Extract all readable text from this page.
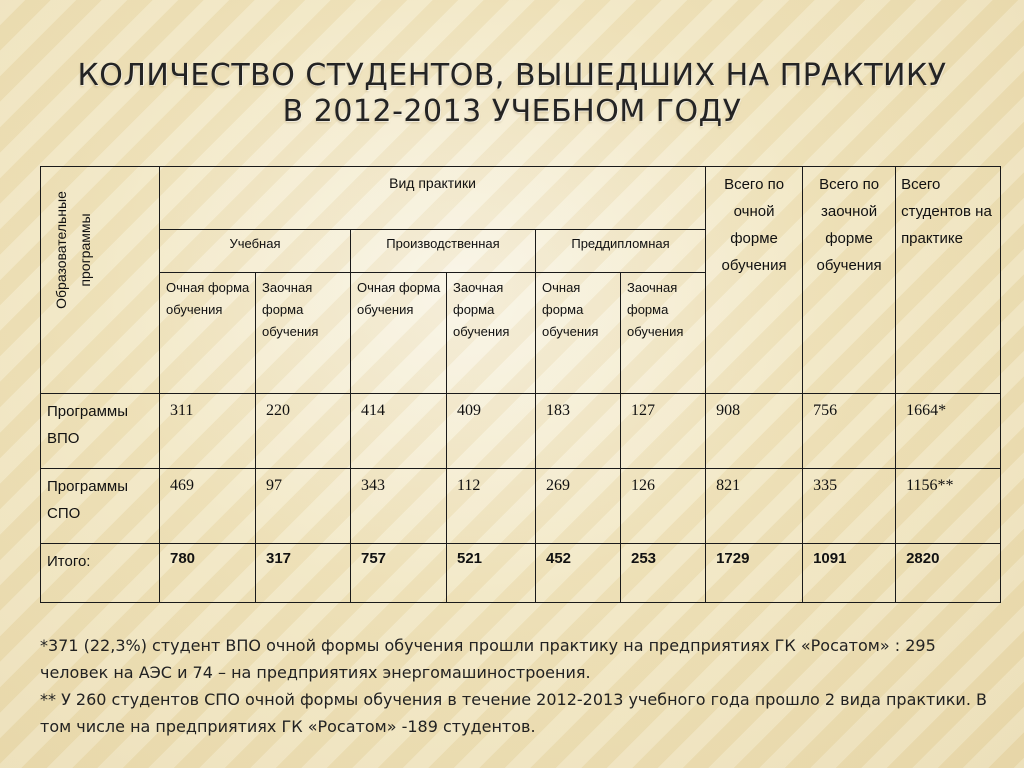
КОЛИЧЕСТВО СТУДЕНТОВ, ВЫШЕДШИХ НА ПРАКТИКУ
В 2012-2013 УЧЕБНОМ ГОДУ
Образовательные программы	Вид практики						Всего по очной форме обучения	Всего по заочной форме обучения	Всего студентов на практике
	Учебная		Производственная		Преддипломная				
	Очная форма обучения	Заочная форма обучения	Очная форма обучения	Заочная форма обучения	Очная форма обучения	Заочная форма обучения			
Программы ВПО	311	220	414	409	183	127	908	756	1664*
Программы СПО	469	97	343	112	269	126	821	335	1156**
Итого:	780	317	757	521	452	253	1729	1091	2820

*371 (22,3%) студент ВПО очной формы обучения прошли практику на предприятиях ГК «Росатом» : 295 человек на АЭС и 74 – на предприятиях энергомашиностроения.

** У 260 студентов СПО очной формы обучения в течение 2012-2013 учебного года прошло 2 вида практики. В том числе на предприятиях ГК «Росатом» -189 студентов.
